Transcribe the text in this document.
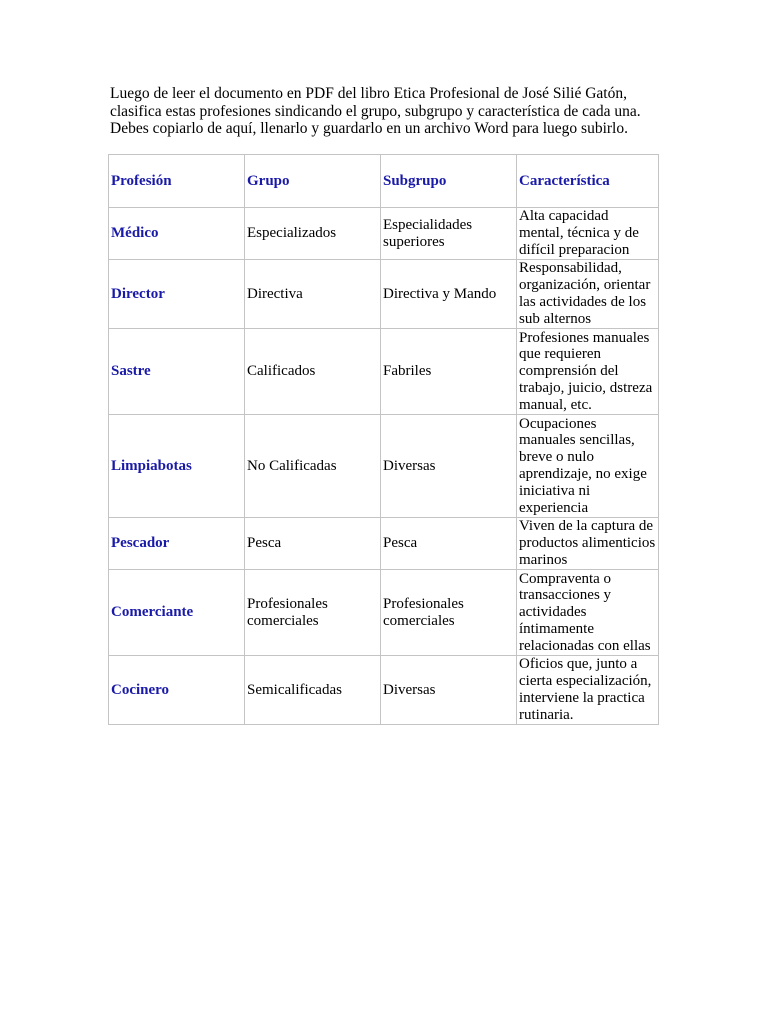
Luego de leer el documento en PDF del libro Etica Profesional de José Silié Gatón,

clasifica estas profesiones sindicando el grupo, subgrupo y característica de cada una.

Debes copiarlo de aquí, llenarlo y guardarlo en un archivo Word para luego subirlo.

Profesión	Grupo	Subgrupo	Característica
Médico	Especializados	Especialidades superiores	Alta capacidad mental, técnica y de difícil preparacion
Director	Directiva	Directiva y Mando	Responsabilidad, organización, orientar las actividades de los sub alternos
Sastre	Calificados	Fabriles	Profesiones manuales que requieren comprensión del trabajo, juicio, dstreza manual, etc.
Limpiabotas	No Calificadas	Diversas	Ocupaciones manuales sencillas, breve o nulo aprendizaje, no exige iniciativa ni experiencia
Pescador	Pesca	Pesca	Viven de la captura de productos alimenticios marinos
Comerciante	Profesionales comerciales	Profesionales comerciales	Compraventa o transacciones y actividades íntimamente relacionadas con ellas
Cocinero	Semicalificadas	Diversas	Oficios que, junto a cierta especialización, interviene la practica rutinaria.
